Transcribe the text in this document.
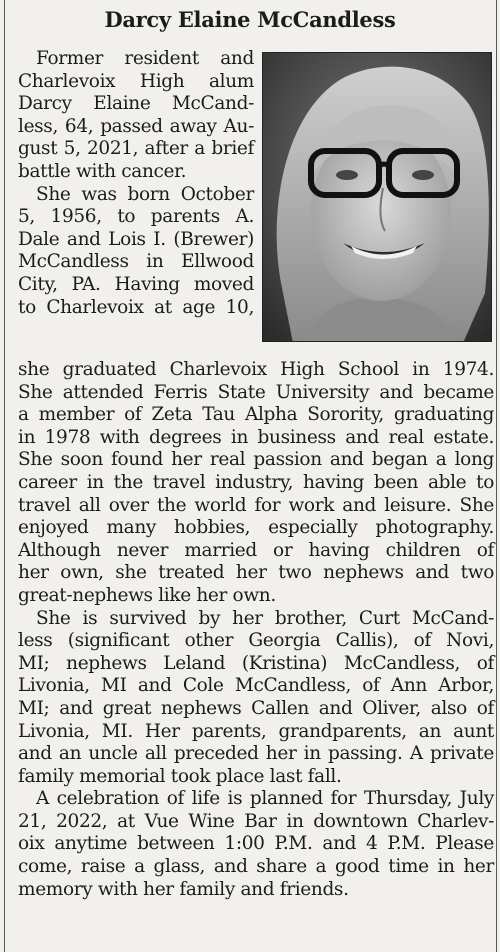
Darcy Elaine McCandless
Former resident and
Charlevoix High alum
Darcy Elaine McCand-
less, 64, passed away Au-
gust 5, 2021, after a brief
battle with cancer.
She was born October
5, 1956, to parents A.
Dale and Lois I. (Brewer)
McCandless in Ellwood
City, PA. Having moved
to Charlevoix at age 10,
she graduated Charlevoix High School in 1974.
She attended Ferris State University and became
a member of Zeta Tau Alpha Sorority, graduating
in 1978 with degrees in business and real estate.
She soon found her real passion and began a long
career in the travel industry, having been able to
travel all over the world for work and leisure. She
enjoyed many hobbies, especially photography.
Although never married or having children of
her own, she treated her two nephews and two
great-nephews like her own.
She is survived by her brother, Curt McCand-
less (significant other Georgia Callis), of Novi,
MI; nephews Leland (Kristina) McCandless, of
Livonia, MI and Cole McCandless, of Ann Arbor,
MI; and great nephews Callen and Oliver, also of
Livonia, MI. Her parents, grandparents, an aunt
and an uncle all preceded her in passing. A private
family memorial took place last fall.
A celebration of life is planned for Thursday, July
21, 2022, at Vue Wine Bar in downtown Charlev-
oix anytime between 1:00 P.M. and 4 P.M. Please
come, raise a glass, and share a good time in her
memory with her family and friends.
